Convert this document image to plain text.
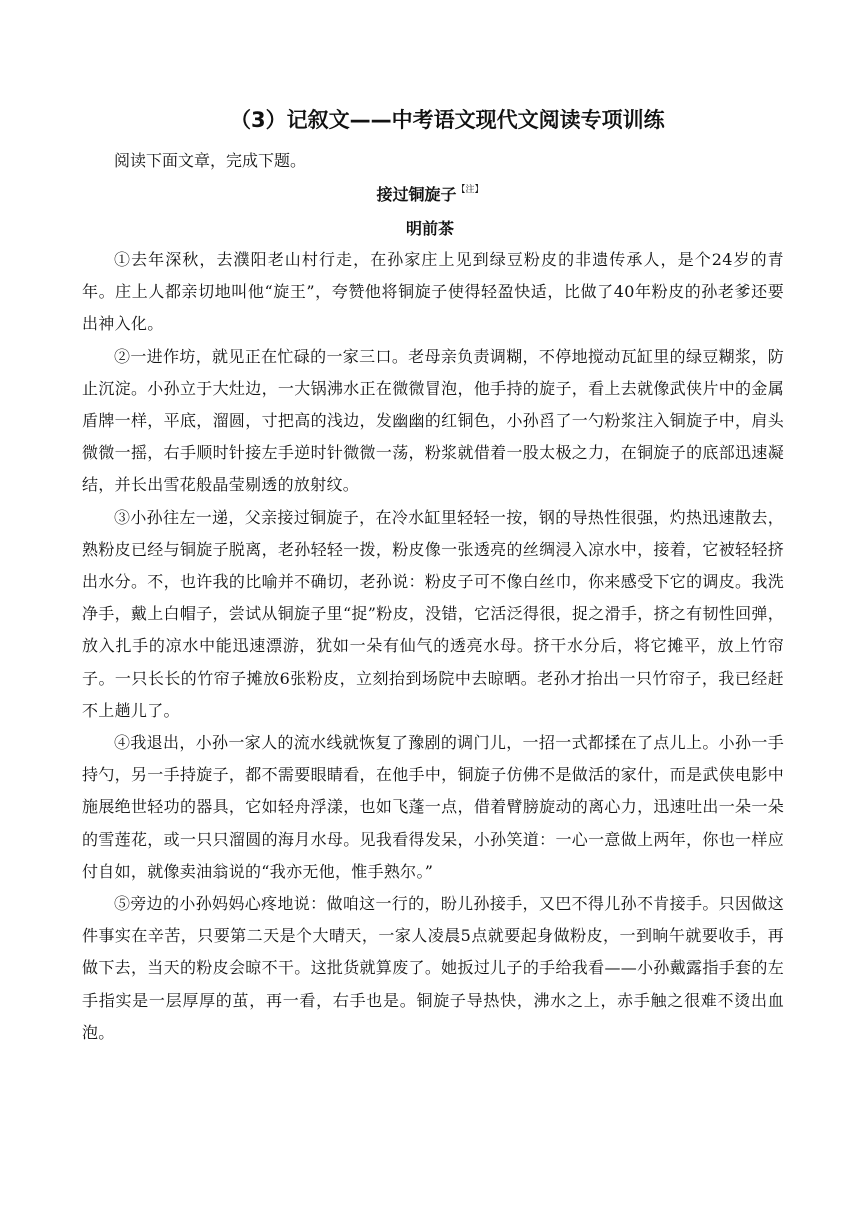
（3）记叙文——中考语文现代文阅读专项训练
阅读下面文章，完成下题。
接过铜旋子$^{【注】}$
明前茶

①去年深秋，去濮阳老山村行走，在孙家庄上见到绿豆粉皮的非遗传承人，是个24岁的青年。庄上人都亲切地叫他“旋王”，夸赞他将铜旋子使得轻盈快适，比做了40年粉皮的孙老爹还要出神入化。

②一进作坊，就见正在忙碌的一家三口。老母亲负责调糊，不停地搅动瓦缸里的绿豆糊浆，防止沉淀。小孙立于大灶边，一大锅沸水正在微微冒泡，他手持的旋子，看上去就像武侠片中的金属盾牌一样，平底，溜圆，寸把高的浅边，发幽幽的红铜色，小孙舀了一勺粉浆注入铜旋子中，肩头微微一摇，右手顺时针接左手逆时针微微一荡，粉浆就借着一股太极之力，在铜旋子的底部迅速凝结，并长出雪花般晶莹剔透的放射纹。

③小孙往左一递，父亲接过铜旋子，在冷水缸里轻轻一按，钢的导热性很强，灼热迅速散去，熟粉皮已经与铜旋子脱离，老孙轻轻一拨，粉皮像一张透亮的丝绸浸入凉水中，接着，它被轻轻挤出水分。不，也许我的比喻并不确切，老孙说：粉皮子可不像白丝巾，你来感受下它的调皮。我洗净手，戴上白帽子，尝试从铜旋子里“捉”粉皮，没错，它活泛得很，捉之滑手，挤之有韧性回弹，放入扎手的凉水中能迅速漂游，犹如一朵有仙气的透亮水母。挤干水分后，将它摊平，放上竹帘子。一只长长的竹帘子摊放6张粉皮，立刻抬到场院中去晾晒。老孙才抬出一只竹帘子，我已经赶不上趟儿了。

④我退出，小孙一家人的流水线就恢复了豫剧的调门儿，一招一式都揉在了点儿上。小孙一手持勺，另一手持旋子，都不需要眼睛看，在他手中，铜旋子仿佛不是做活的家什，而是武侠电影中施展绝世轻功的器具，它如轻舟浮漾，也如飞蓬一点，借着臂膀旋动的离心力，迅速吐出一朵一朵的雪莲花，或一只只溜圆的海月水母。见我看得发呆，小孙笑道：一心一意做上两年，你也一样应付自如，就像卖油翁说的“我亦无他，惟手熟尔。”

⑤旁边的小孙妈妈心疼地说：做咱这一行的，盼儿孙接手，又巴不得儿孙不肯接手。只因做这件事实在辛苦，只要第二天是个大晴天，一家人凌晨5点就要起身做粉皮，一到晌午就要收手，再做下去，当天的粉皮会晾不干。这批货就算废了。她扳过儿子的手给我看——小孙戴露指手套的左手指实是一层厚厚的茧，再一看，右手也是。铜旋子导热快，沸水之上，赤手触之很难不烫出血泡。
